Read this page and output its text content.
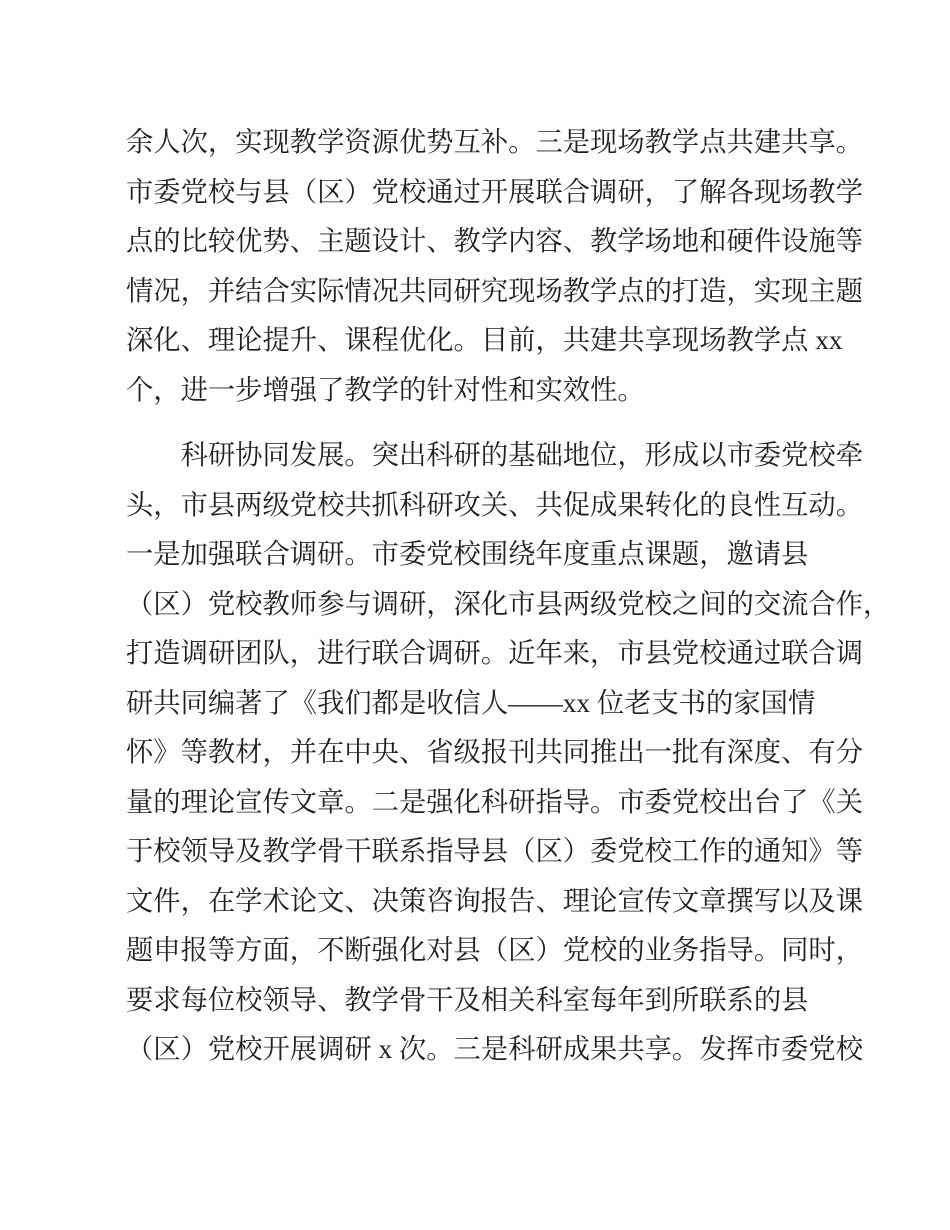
余人次，实现教学资源优势互补。三是现场教学点共建共享。
市委党校与县（区）党校通过开展联合调研，了解各现场教学
点的比较优势、主题设计、教学内容、教学场地和硬件设施等
情况，并结合实际情况共同研究现场教学点的打造，实现主题
深化、理论提升、课程优化。目前，共建共享现场教学点 xx
个，进一步增强了教学的针对性和实效性。
科研协同发展。突出科研的基础地位，形成以市委党校牵
头，市县两级党校共抓科研攻关、共促成果转化的良性互动。
一是加强联合调研。市委党校围绕年度重点课题，邀请县
（区）党校教师参与调研，深化市县两级党校之间的交流合作，
打造调研团队，进行联合调研。近年来，市县党校通过联合调
研共同编著了《我们都是收信人——xx 位老支书的家国情
怀》等教材，并在中央、省级报刊共同推出一批有深度、有分
量的理论宣传文章。二是强化科研指导。市委党校出台了《关
于校领导及教学骨干联系指导县（区）委党校工作的通知》等
文件，在学术论文、决策咨询报告、理论宣传文章撰写以及课
题申报等方面，不断强化对县（区）党校的业务指导。同时，
要求每位校领导、教学骨干及相关科室每年到所联系的县
（区）党校开展调研 x 次。三是科研成果共享。发挥市委党校
